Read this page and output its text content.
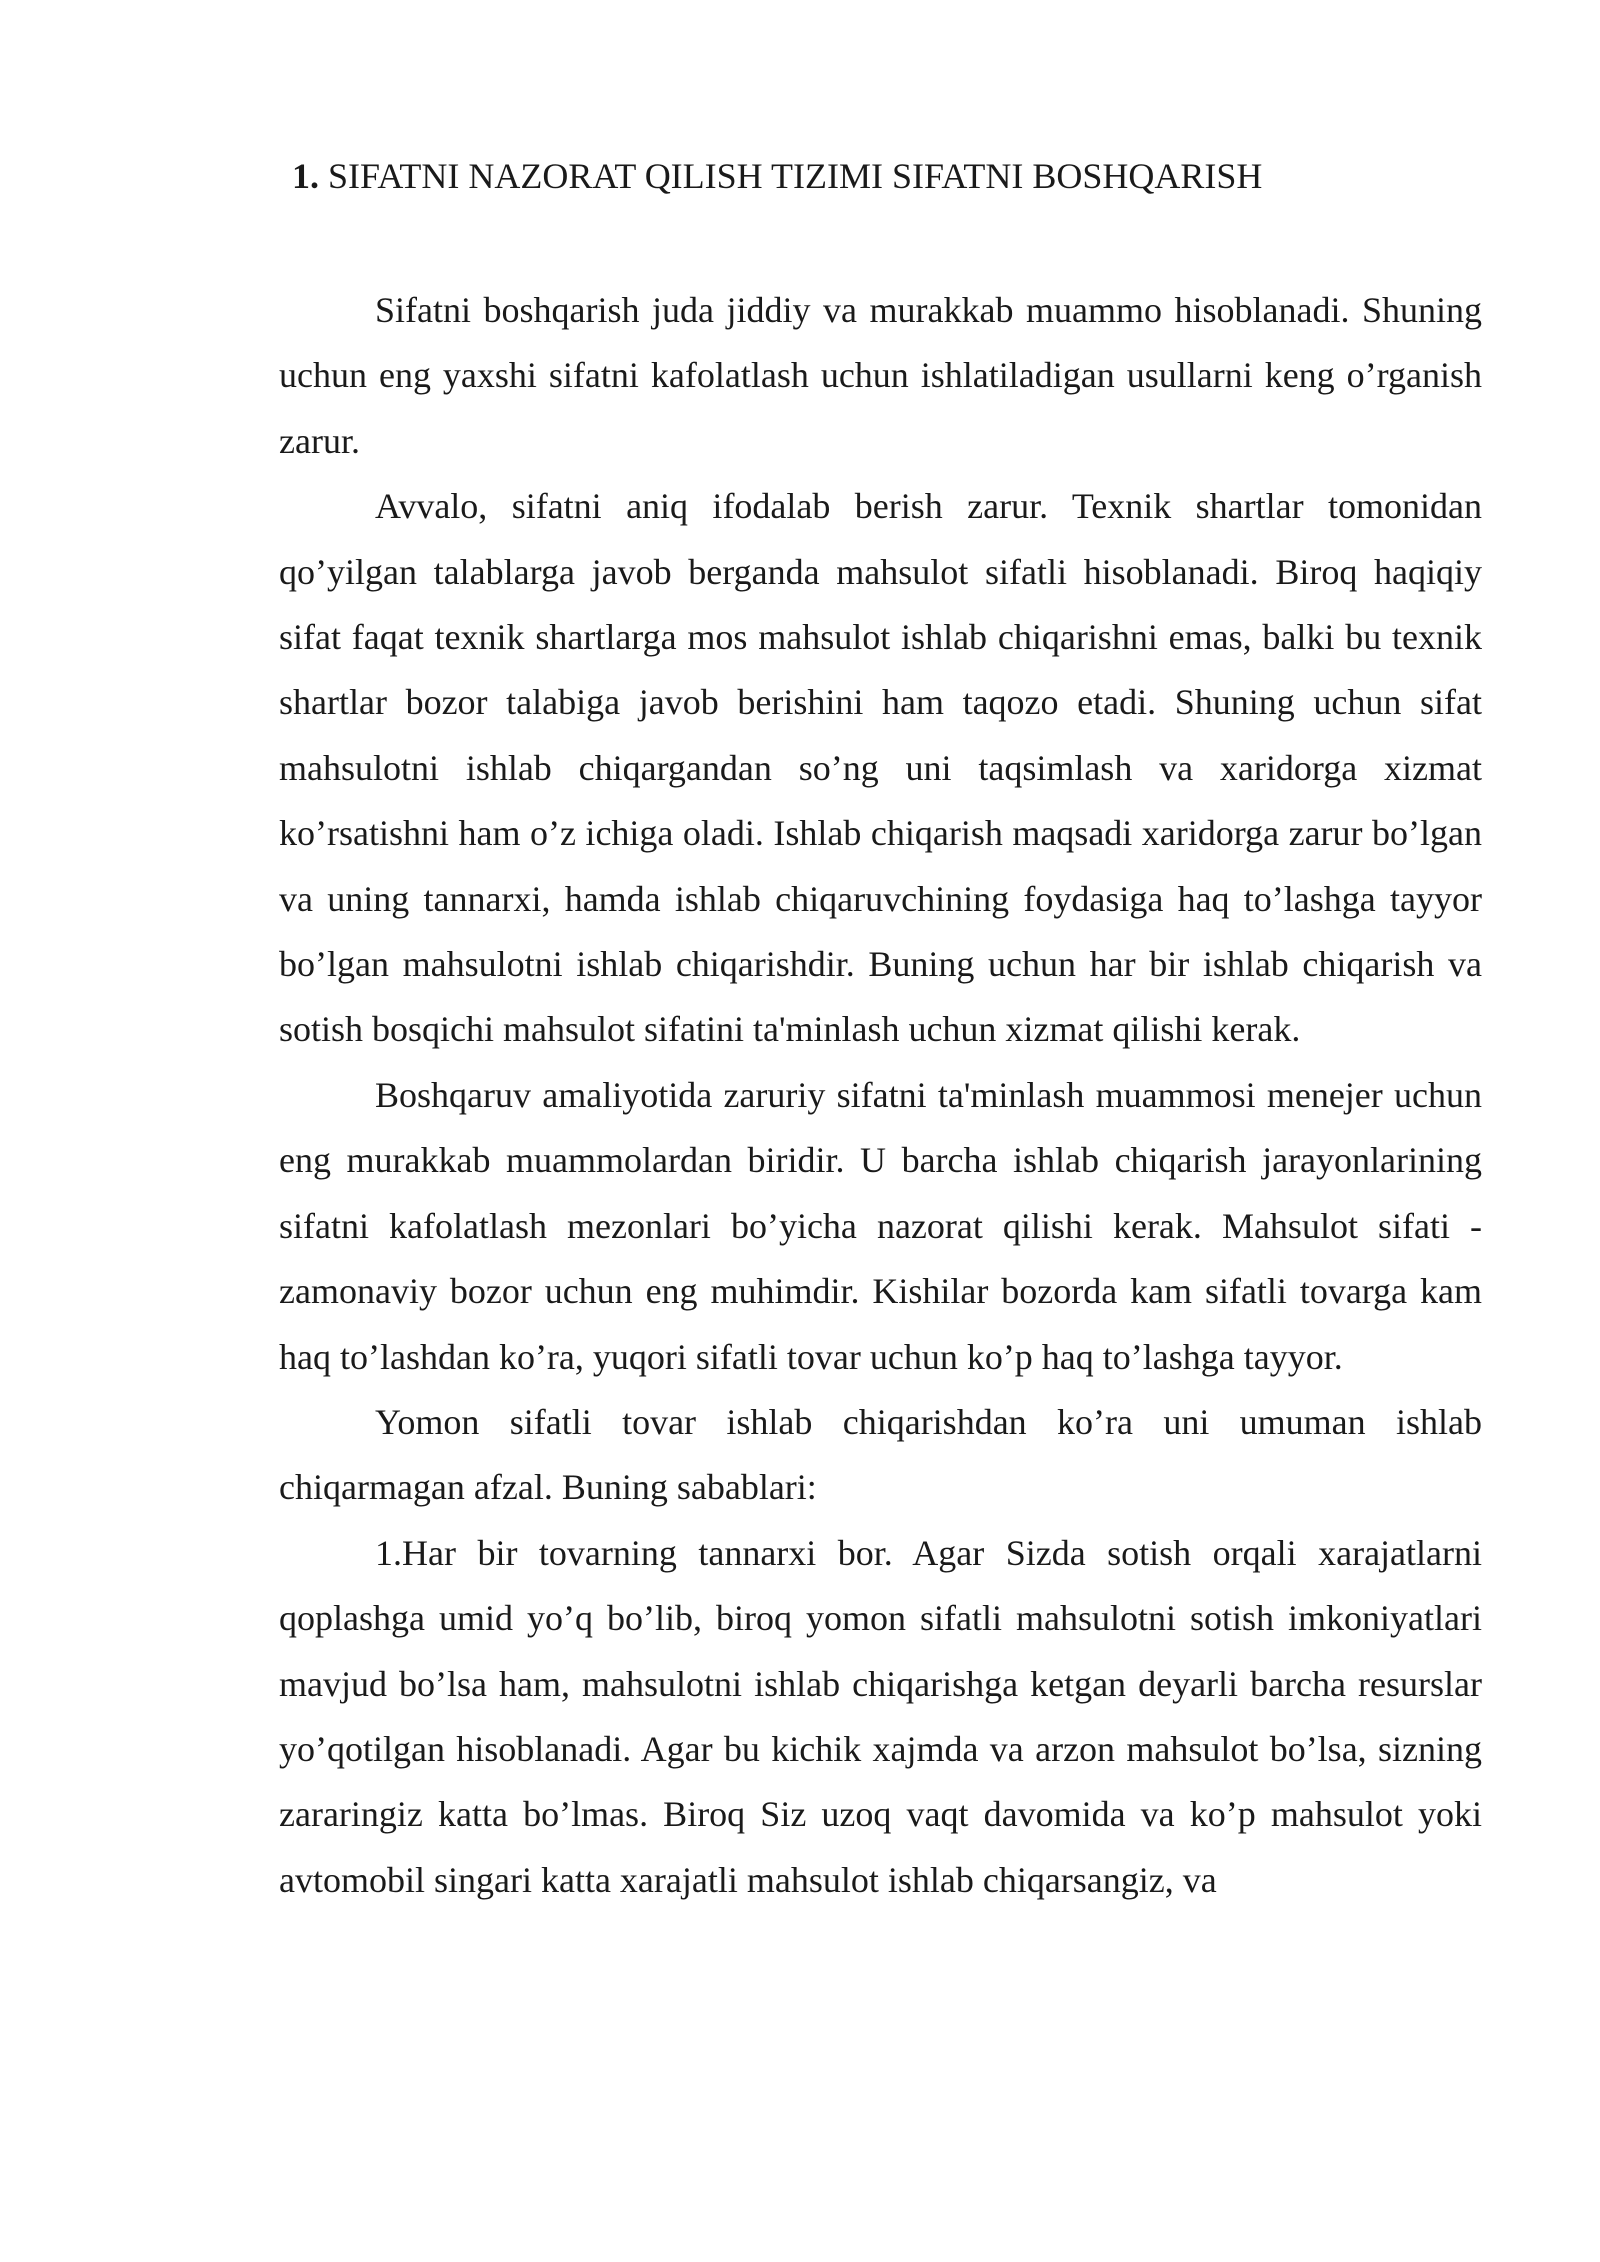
1. SIFATNI NAZORAT QILISH TIZIMI SIFATNI BOSHQARISH

Sifatni boshqarish juda jiddiy va murakkab muammo hisoblanadi. Shuning uchun eng yaxshi sifatni kafolatlash uchun ishlatiladigan usullarni keng o’rganish zarur.

Avvalo, sifatni aniq ifodalab berish zarur. Texnik shartlar tomonidan qo’yilgan talablarga javob berganda mahsulot sifatli hisoblanadi. Biroq haqiqiy sifat faqat texnik shartlarga mos mahsulot ishlab chiqarishni emas, balki bu texnik shartlar bozor talabiga javob berishini ham taqozo etadi. Shuning uchun sifat mahsulotni ishlab chiqargandan so’ng uni taqsimlash va xaridorga xizmat ko’rsatishni ham o’z ichiga oladi. Ishlab chiqarish maqsadi xaridorga zarur bo’lgan va uning tannarxi, hamda ishlab chiqaruvchining foydasiga haq to’lashga tayyor bo’lgan mahsulotni ishlab chiqarishdir. Buning uchun har bir ishlab chiqarish va sotish bosqichi mahsulot sifatini ta'minlash uchun xizmat qilishi kerak.

Boshqaruv amaliyotida zaruriy sifatni ta'minlash muammosi menejer uchun eng murakkab muammolardan biridir. U barcha ishlab chiqarish jarayonlarining sifatni kafolatlash mezonlari bo’yicha nazorat qilishi kerak. Mahsulot sifati - zamonaviy bozor uchun eng muhimdir. Kishilar bozorda kam sifatli tovarga kam haq to’lashdan ko’ra, yuqori sifatli tovar uchun ko’p haq to’lashga tayyor.

Yomon sifatli tovar ishlab chiqarishdan ko’ra uni umuman ishlab chiqarmagan afzal. Buning sabablari:

1.Har bir tovarning tannarxi bor. Agar Sizda sotish orqali xarajatlarni qoplashga umid yo’q bo’lib, biroq yomon sifatli mahsulotni sotish imkoniyatlari mavjud bo’lsa ham, mahsulotni ishlab chiqarishga ketgan deyarli barcha resurslar yo’qotilgan hisoblanadi. Agar bu kichik xajmda va arzon mahsulot bo’lsa, sizning zararingiz katta bo’lmas. Biroq Siz uzoq vaqt davomida va ko’p mahsulot yoki avtomobil singari katta xarajatli mahsulot ishlab chiqarsangiz, va
